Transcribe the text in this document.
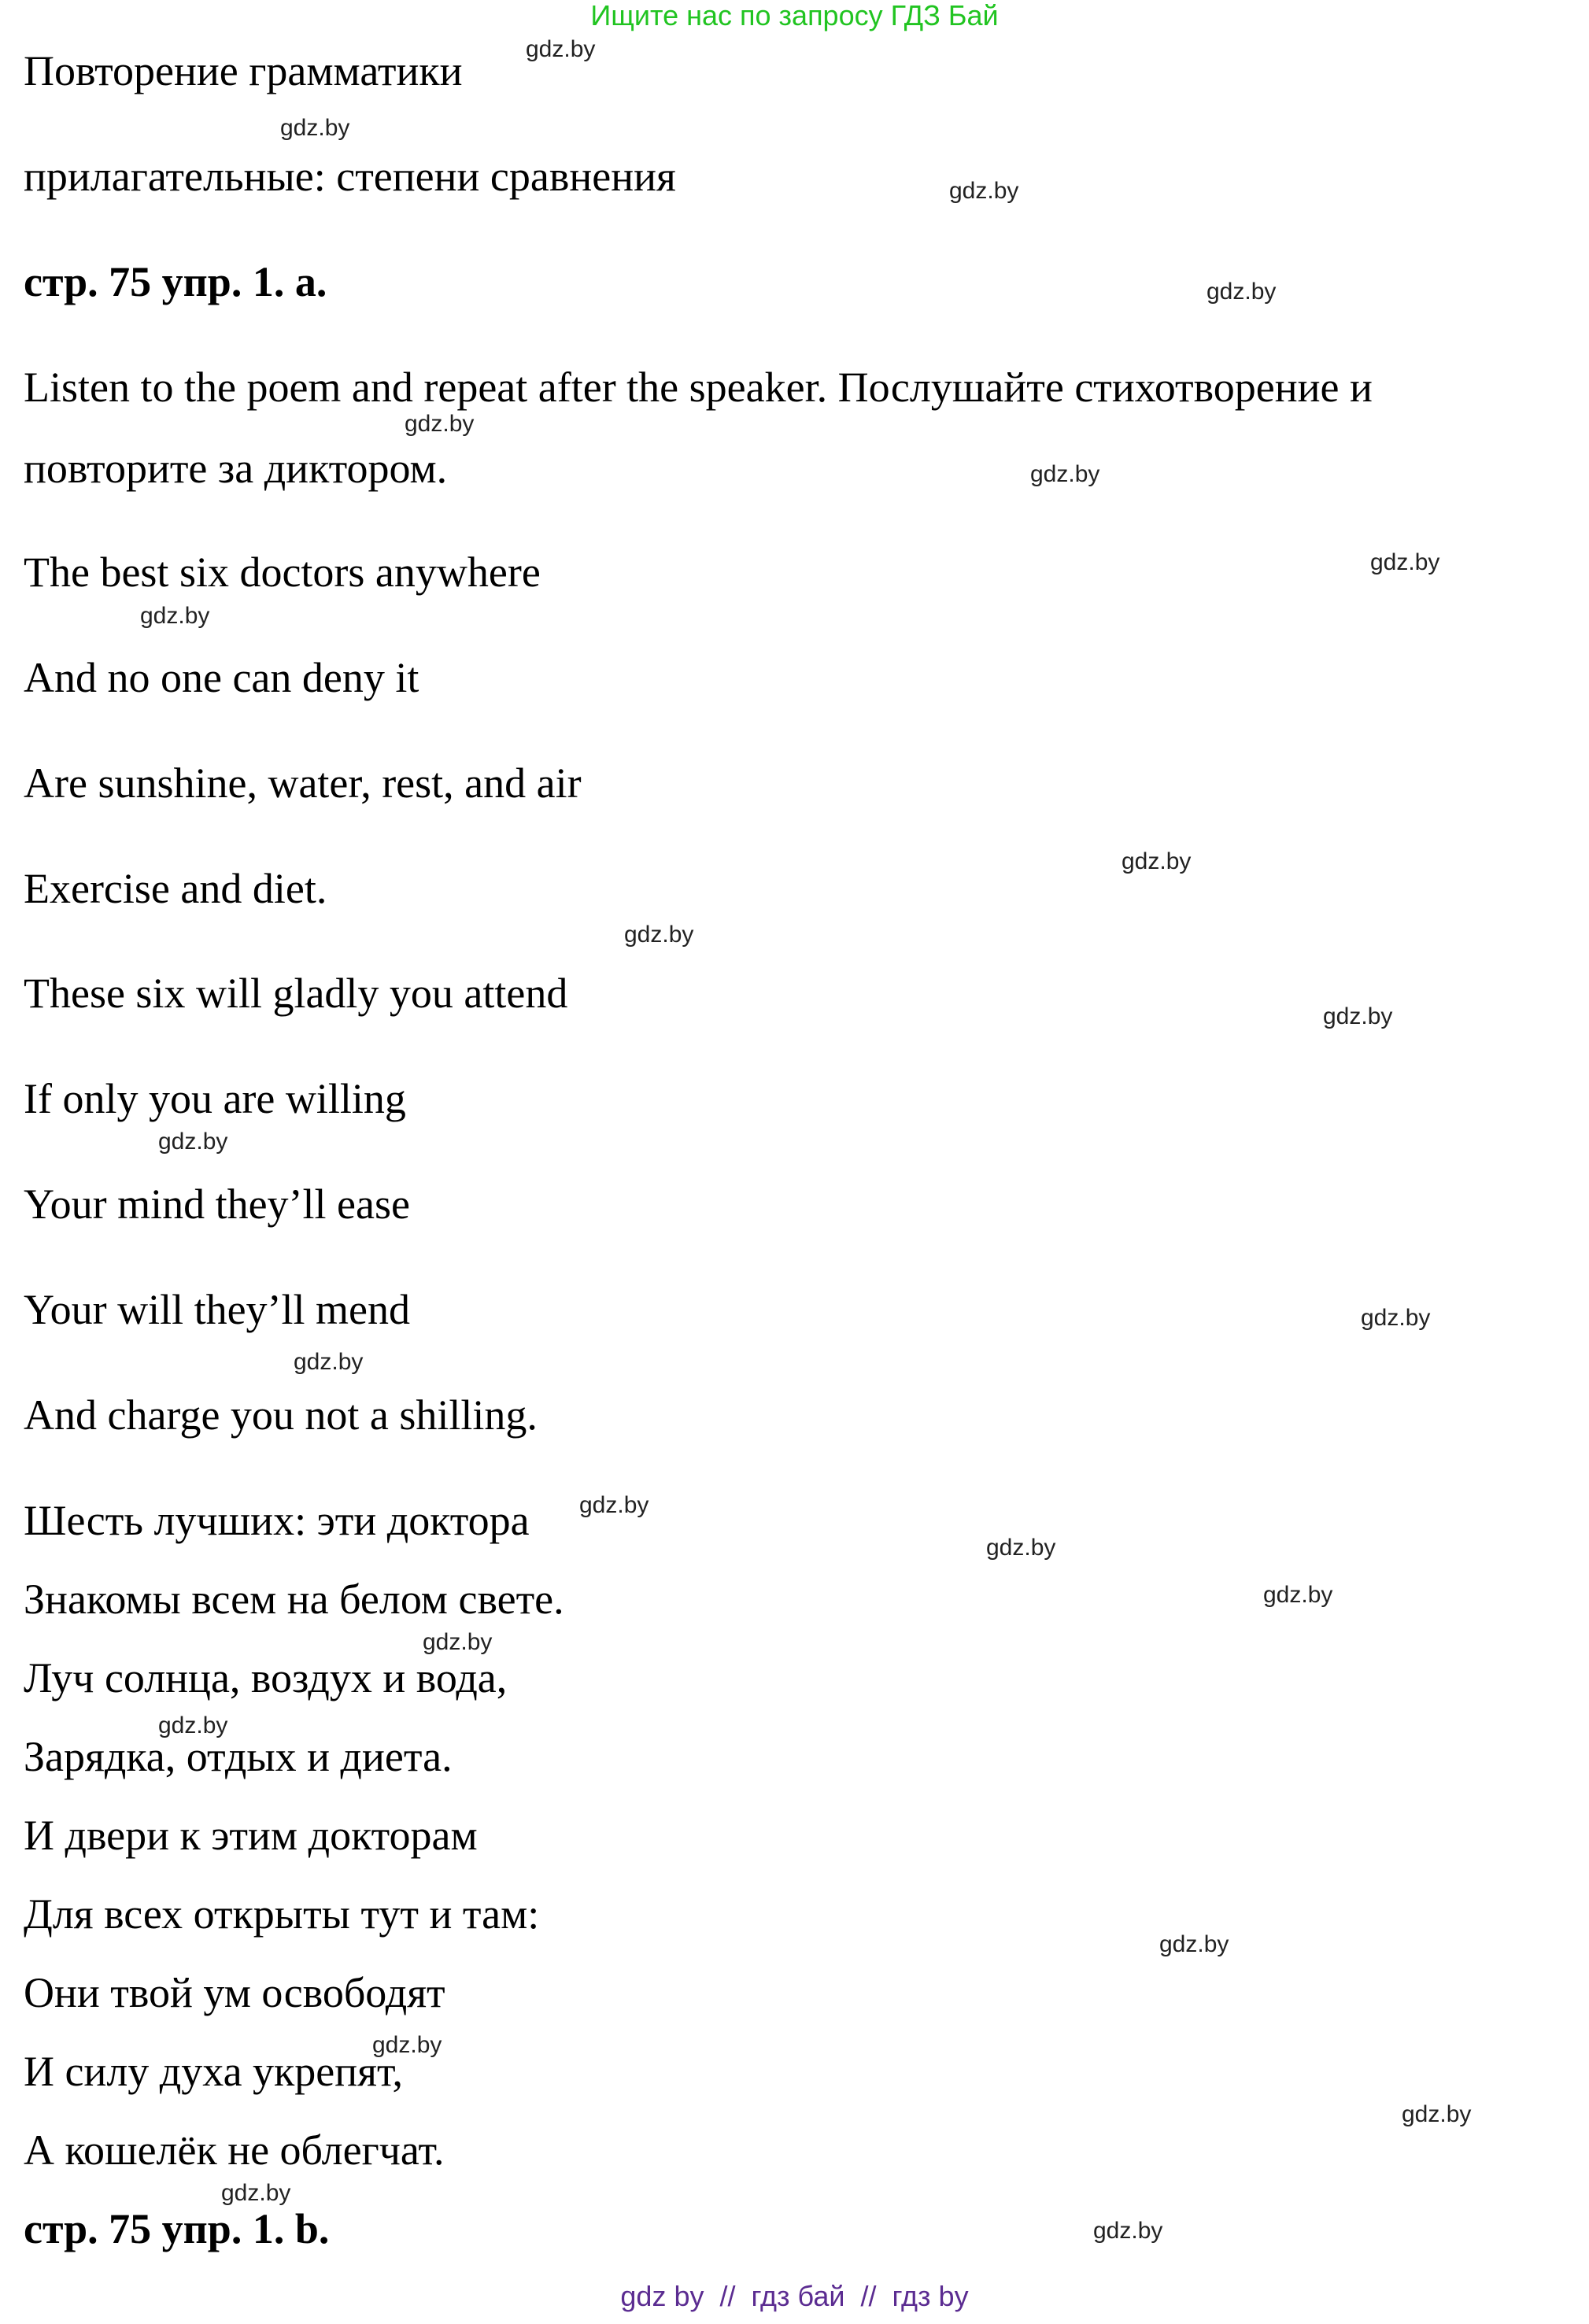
Ищите нас по запросу ГДЗ Бай
Повторение грамматики
прилагательные: степени сравнения
стр. 75 упр. 1. а.
Listen to the poem and repeat after the speaker. Послушайте стихотворение и
повторите за диктором.
The best six doctors anywhere
And no one can deny it
Are sunshine, water, rest, and air
Exercise and diet.
These six will gladly you attend
If only you are willing
Your mind they’ll ease
Your will they’ll mend
And charge you not a shilling.
Шесть лучших: эти доктора
Знакомы всем на белом свете.
Луч солнца, воздух и вода,
Зарядка, отдых и диета.
И двери к этим докторам
Для всех открыты тут и там:
Они твой ум освободят
И силу духа укрепят,
А кошелёк не облегчат.
стр. 75 упр. 1. b.
gdz.by
gdz.by
gdz.by
gdz.by
gdz.by
gdz.by
gdz.by
gdz.by
gdz.by
gdz.by
gdz.by
gdz.by
gdz.by
gdz.by
gdz.by
gdz.by
gdz.by
gdz.by
gdz.by
gdz.by
gdz.by
gdz.by
gdz.by
gdz.by
gdz by // гдз бай // гдз by
